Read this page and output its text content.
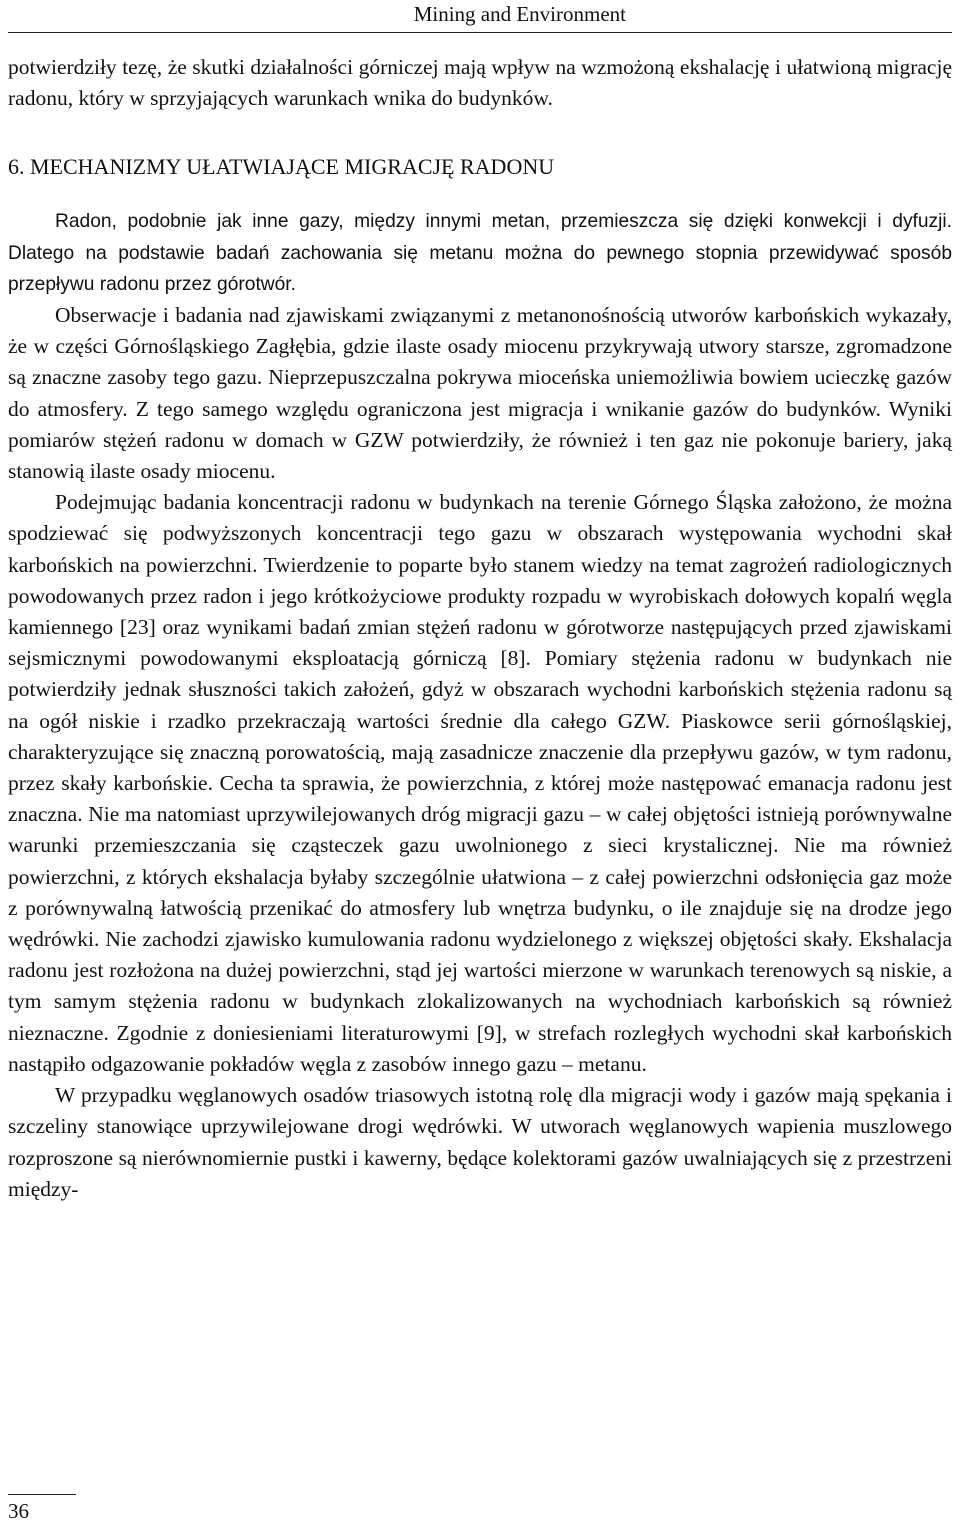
Mining and Environment

potwierdziły tezę, że skutki działalności górniczej mają wpływ na wzmożoną ekshalację i ułatwioną migrację radonu, który w sprzyjających warunkach wnika do budynków.

6. MECHANIZMY UŁATWIAJĄCE MIGRACJĘ RADONU

Radon, podobnie jak inne gazy, między innymi metan, przemieszcza się dzięki konwekcji i dyfuzji. Dlatego na podstawie badań zachowania się metanu można do pewnego stopnia przewidywać sposób przepływu radonu przez górotwór.

Obserwacje i badania nad zjawiskami związanymi z metanonośnością utworów karbońskich wykazały, że w części Górnośląskiego Zagłębia, gdzie ilaste osady miocenu przykrywają utwory starsze, zgromadzone są znaczne zasoby tego gazu. Nieprzepuszczalna pokrywa mioceńska uniemożliwia bowiem ucieczkę gazów do atmosfery. Z tego samego względu ograniczona jest migracja i wnikanie gazów do budynków. Wyniki pomiarów stężeń radonu w domach w GZW potwierdziły, że również i ten gaz nie pokonuje bariery, jaką stanowią ilaste osady miocenu.

Podejmując badania koncentracji radonu w budynkach na terenie Górnego Śląska założono, że można spodziewać się podwyższonych koncentracji tego gazu w obszarach występowania wychodni skał karbońskich na powierzchni. Twierdzenie to poparte było stanem wiedzy na temat zagrożeń radiologicznych powodowanych przez radon i jego krótkożyciowe produkty rozpadu w wyrobiskach dołowych kopalń węgla kamiennego [23] oraz wynikami badań zmian stężeń radonu w górotworze następujących przed zjawiskami sejsmicznymi powodowanymi eksploatacją górniczą [8]. Pomiary stężenia radonu w budynkach nie potwierdziły jednak słuszności takich założeń, gdyż w obszarach wychodni karbońskich stężenia radonu są na ogół niskie i rzadko przekraczają wartości średnie dla całego GZW. Piaskowce serii górnośląskiej, charakteryzujące się znaczną porowatością, mają zasadnicze znaczenie dla przepływu gazów, w tym radonu, przez skały karbońskie. Cecha ta sprawia, że powierzchnia, z której może następować emanacja radonu jest znaczna. Nie ma natomiast uprzywilejowanych dróg migracji gazu – w całej objętości istnieją porównywalne warunki przemieszczania się cząsteczek gazu uwolnionego z sieci krystalicznej. Nie ma również powierzchni, z których ekshalacja byłaby szczególnie ułatwiona – z całej powierzchni odsłonięcia gaz może z porównywalną łatwością przenikać do atmosfery lub wnętrza budynku, o ile znajduje się na drodze jego wędrówki. Nie zachodzi zjawisko kumulowania radonu wydzielonego z większej objętości skały. Ekshalacja radonu jest rozłożona na dużej powierzchni, stąd jej wartości mierzone w warunkach terenowych są niskie, a tym samym stężenia radonu w budynkach zlokalizowanych na wychodniach karbońskich są również nieznaczne. Zgodnie z doniesieniami literaturowymi [9], w strefach rozległych wychodni skał karbońskich nastąpiło odgazowanie pokładów węgla z zasobów innego gazu – metanu.

W przypadku węglanowych osadów triasowych istotną rolę dla migracji wody i gazów mają spękania i szczeliny stanowiące uprzywilejowane drogi wędrówki. W utworach węglanowych wapienia muszlowego rozproszone są nierównomiernie pustki i kawerny, będące kolektorami gazów uwalniających się z przestrzeni między-

36
